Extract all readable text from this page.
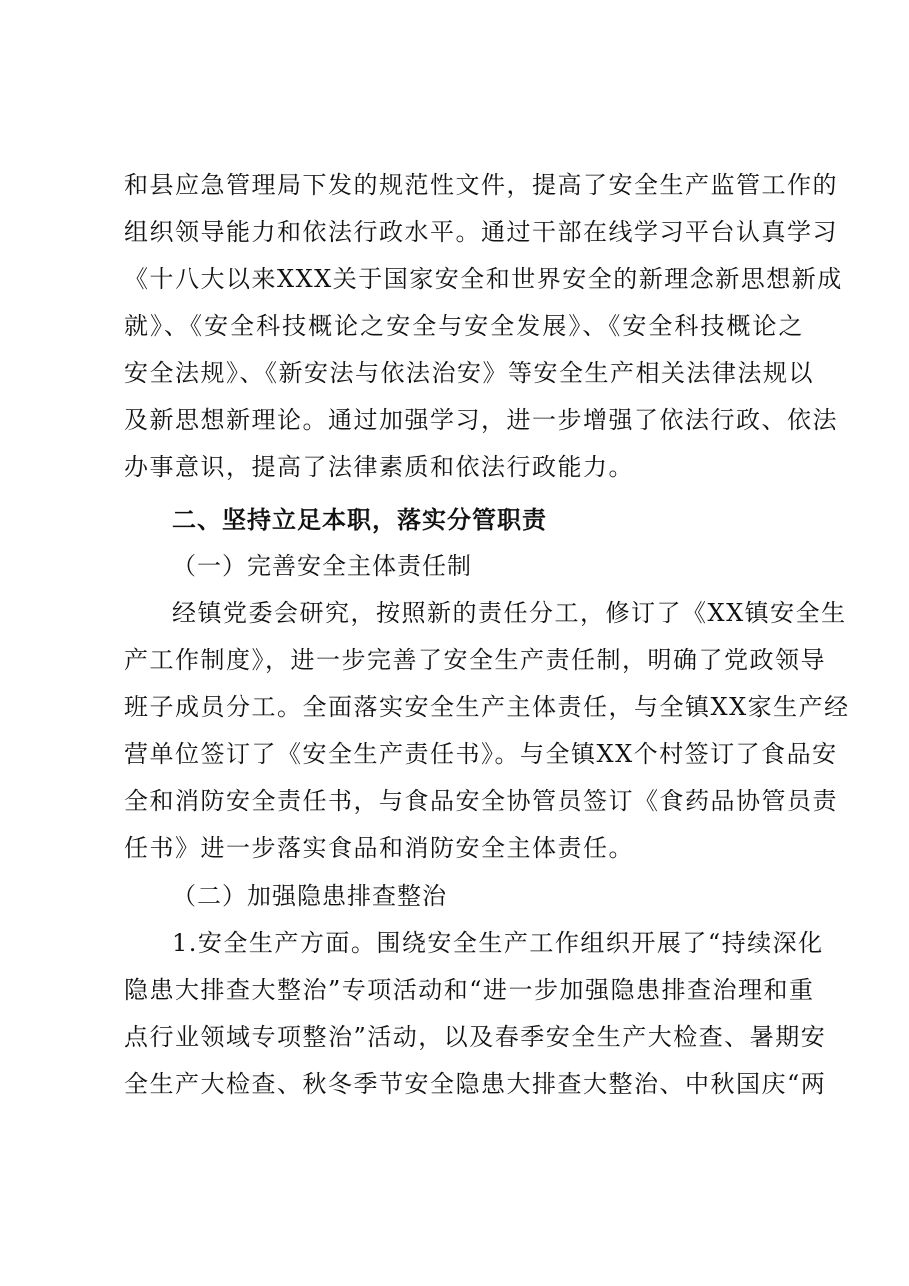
和县应急管理局下发的规范性文件，提高了安全生产监管工作的
组织领导能力和依法行政水平。通过干部在线学习平台认真学习
《十八大以来XXX关于国家安全和世界安全的新理念新思想新成
就》、《安全科技概论之安全与安全发展》、《安全科技概论之
安全法规》、《新安法与依法治安》等安全生产相关法律法规以
及新思想新理论。通过加强学习，进一步增强了依法行政、依法
办事意识，提高了法律素质和依法行政能力。
二、坚持立足本职，落实分管职责
（一）完善安全主体责任制
经镇党委会研究，按照新的责任分工，修订了《XX镇安全生
产工作制度》，进一步完善了安全生产责任制，明确了党政领导
班子成员分工。全面落实安全生产主体责任，与全镇XX家生产经
营单位签订了《安全生产责任书》。与全镇XX个村签订了食品安
全和消防安全责任书，与食品安全协管员签订《食药品协管员责
任书》进一步落实食品和消防安全主体责任。
（二）加强隐患排查整治
1.安全生产方面。围绕安全生产工作组织开展了“持续深化
隐患大排查大整治”专项活动和“进一步加强隐患排查治理和重
点行业领域专项整治”活动，以及春季安全生产大检查、暑期安
全生产大检查、秋冬季节安全隐患大排查大整治、中秋国庆“两
